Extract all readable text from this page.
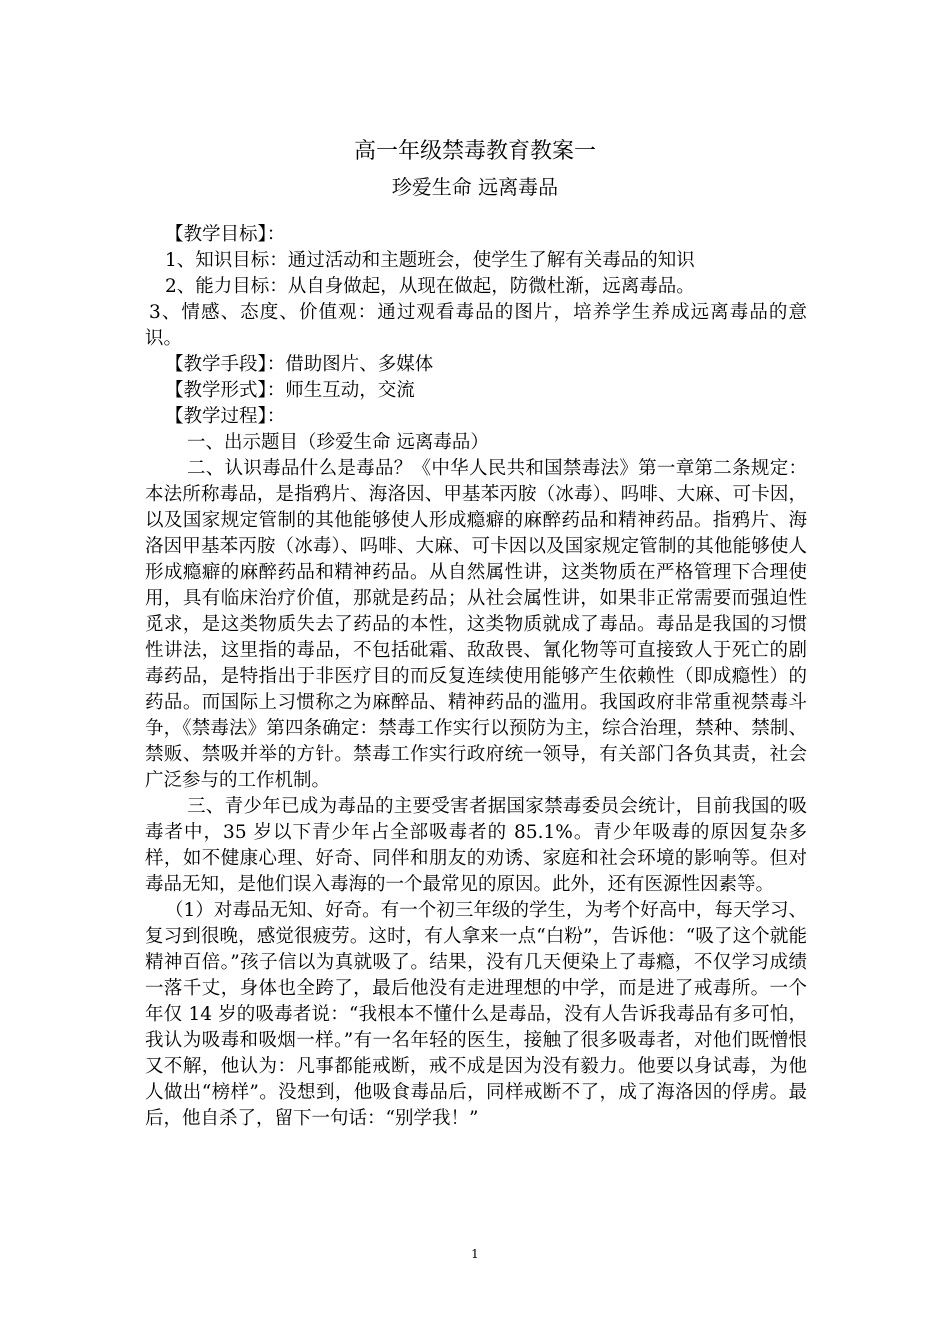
高一年级禁毒教育教案一
珍爱生命 远离毒品

【教学目标】：

1、知识目标：通过活动和主题班会，使学生了解有关毒品的知识

2、能力目标：从自身做起，从现在做起，防微杜渐，远离毒品。

3、情感、态度、价值观：通过观看毒品的图片，培养学生养成远离毒品的意识。

【教学手段】：借助图片、多媒体

【教学形式】：师生互动，交流

【教学过程】：

一、出示题目（珍爱生命 远离毒品）

二、认识毒品什么是毒品？《中华人民共和国禁毒法》第一章第二条规定：本法所称毒品，是指鸦片、海洛因、甲基苯丙胺（冰毒）、吗啡、大麻、可卡因，以及国家规定管制的其他能够使人形成瘾癖的麻醉药品和精神药品。指鸦片、海洛因甲基苯丙胺（冰毒）、吗啡、大麻、可卡因以及国家规定管制的其他能够使人形成瘾癖的麻醉药品和精神药品。从自然属性讲，这类物质在严格管理下合理使用，具有临床治疗价值，那就是药品；从社会属性讲，如果非正常需要而强迫性觅求，是这类物质失去了药品的本性，这类物质就成了毒品。毒品是我国的习惯性讲法，这里指的毒品，不包括砒霜、敌敌畏、氰化物等可直接致人于死亡的剧毒药品，是特指出于非医疗目的而反复连续使用能够产生依赖性（即成瘾性）的药品。而国际上习惯称之为麻醉品、精神药品的滥用。我国政府非常重视禁毒斗争，《禁毒法》第四条确定：禁毒工作实行以预防为主，综合治理，禁种、禁制、禁贩、禁吸并举的方针。禁毒工作实行政府统一领导，有关部门各负其责，社会广泛参与的工作机制。

三、青少年已成为毒品的主要受害者据国家禁毒委员会统计，目前我国的吸毒者中，35 岁以下青少年占全部吸毒者的 85.1%。青少年吸毒的原因复杂多样，如不健康心理、好奇、同伴和朋友的劝诱、家庭和社会环境的影响等。但对毒品无知，是他们误入毒海的一个最常见的原因。此外，还有医源性因素等。

（1）对毒品无知、好奇。有一个初三年级的学生，为考个好高中，每天学习、复习到很晚，感觉很疲劳。这时，有人拿来一点“白粉”，告诉他：“吸了这个就能精神百倍。”孩子信以为真就吸了。结果，没有几天便染上了毒瘾，不仅学习成绩一落千丈，身体也全跨了，最后他没有走进理想的中学，而是进了戒毒所。一个年仅 14 岁的吸毒者说：“我根本不懂什么是毒品，没有人告诉我毒品有多可怕，我认为吸毒和吸烟一样。”有一名年轻的医生，接触了很多吸毒者，对他们既憎恨又不解，他认为：凡事都能戒断，戒不成是因为没有毅力。他要以身试毒，为他人做出“榜样”。没想到，他吸食毒品后，同样戒断不了，成了海洛因的俘虏。最后，他自杀了，留下一句话：“别学我！”

1
